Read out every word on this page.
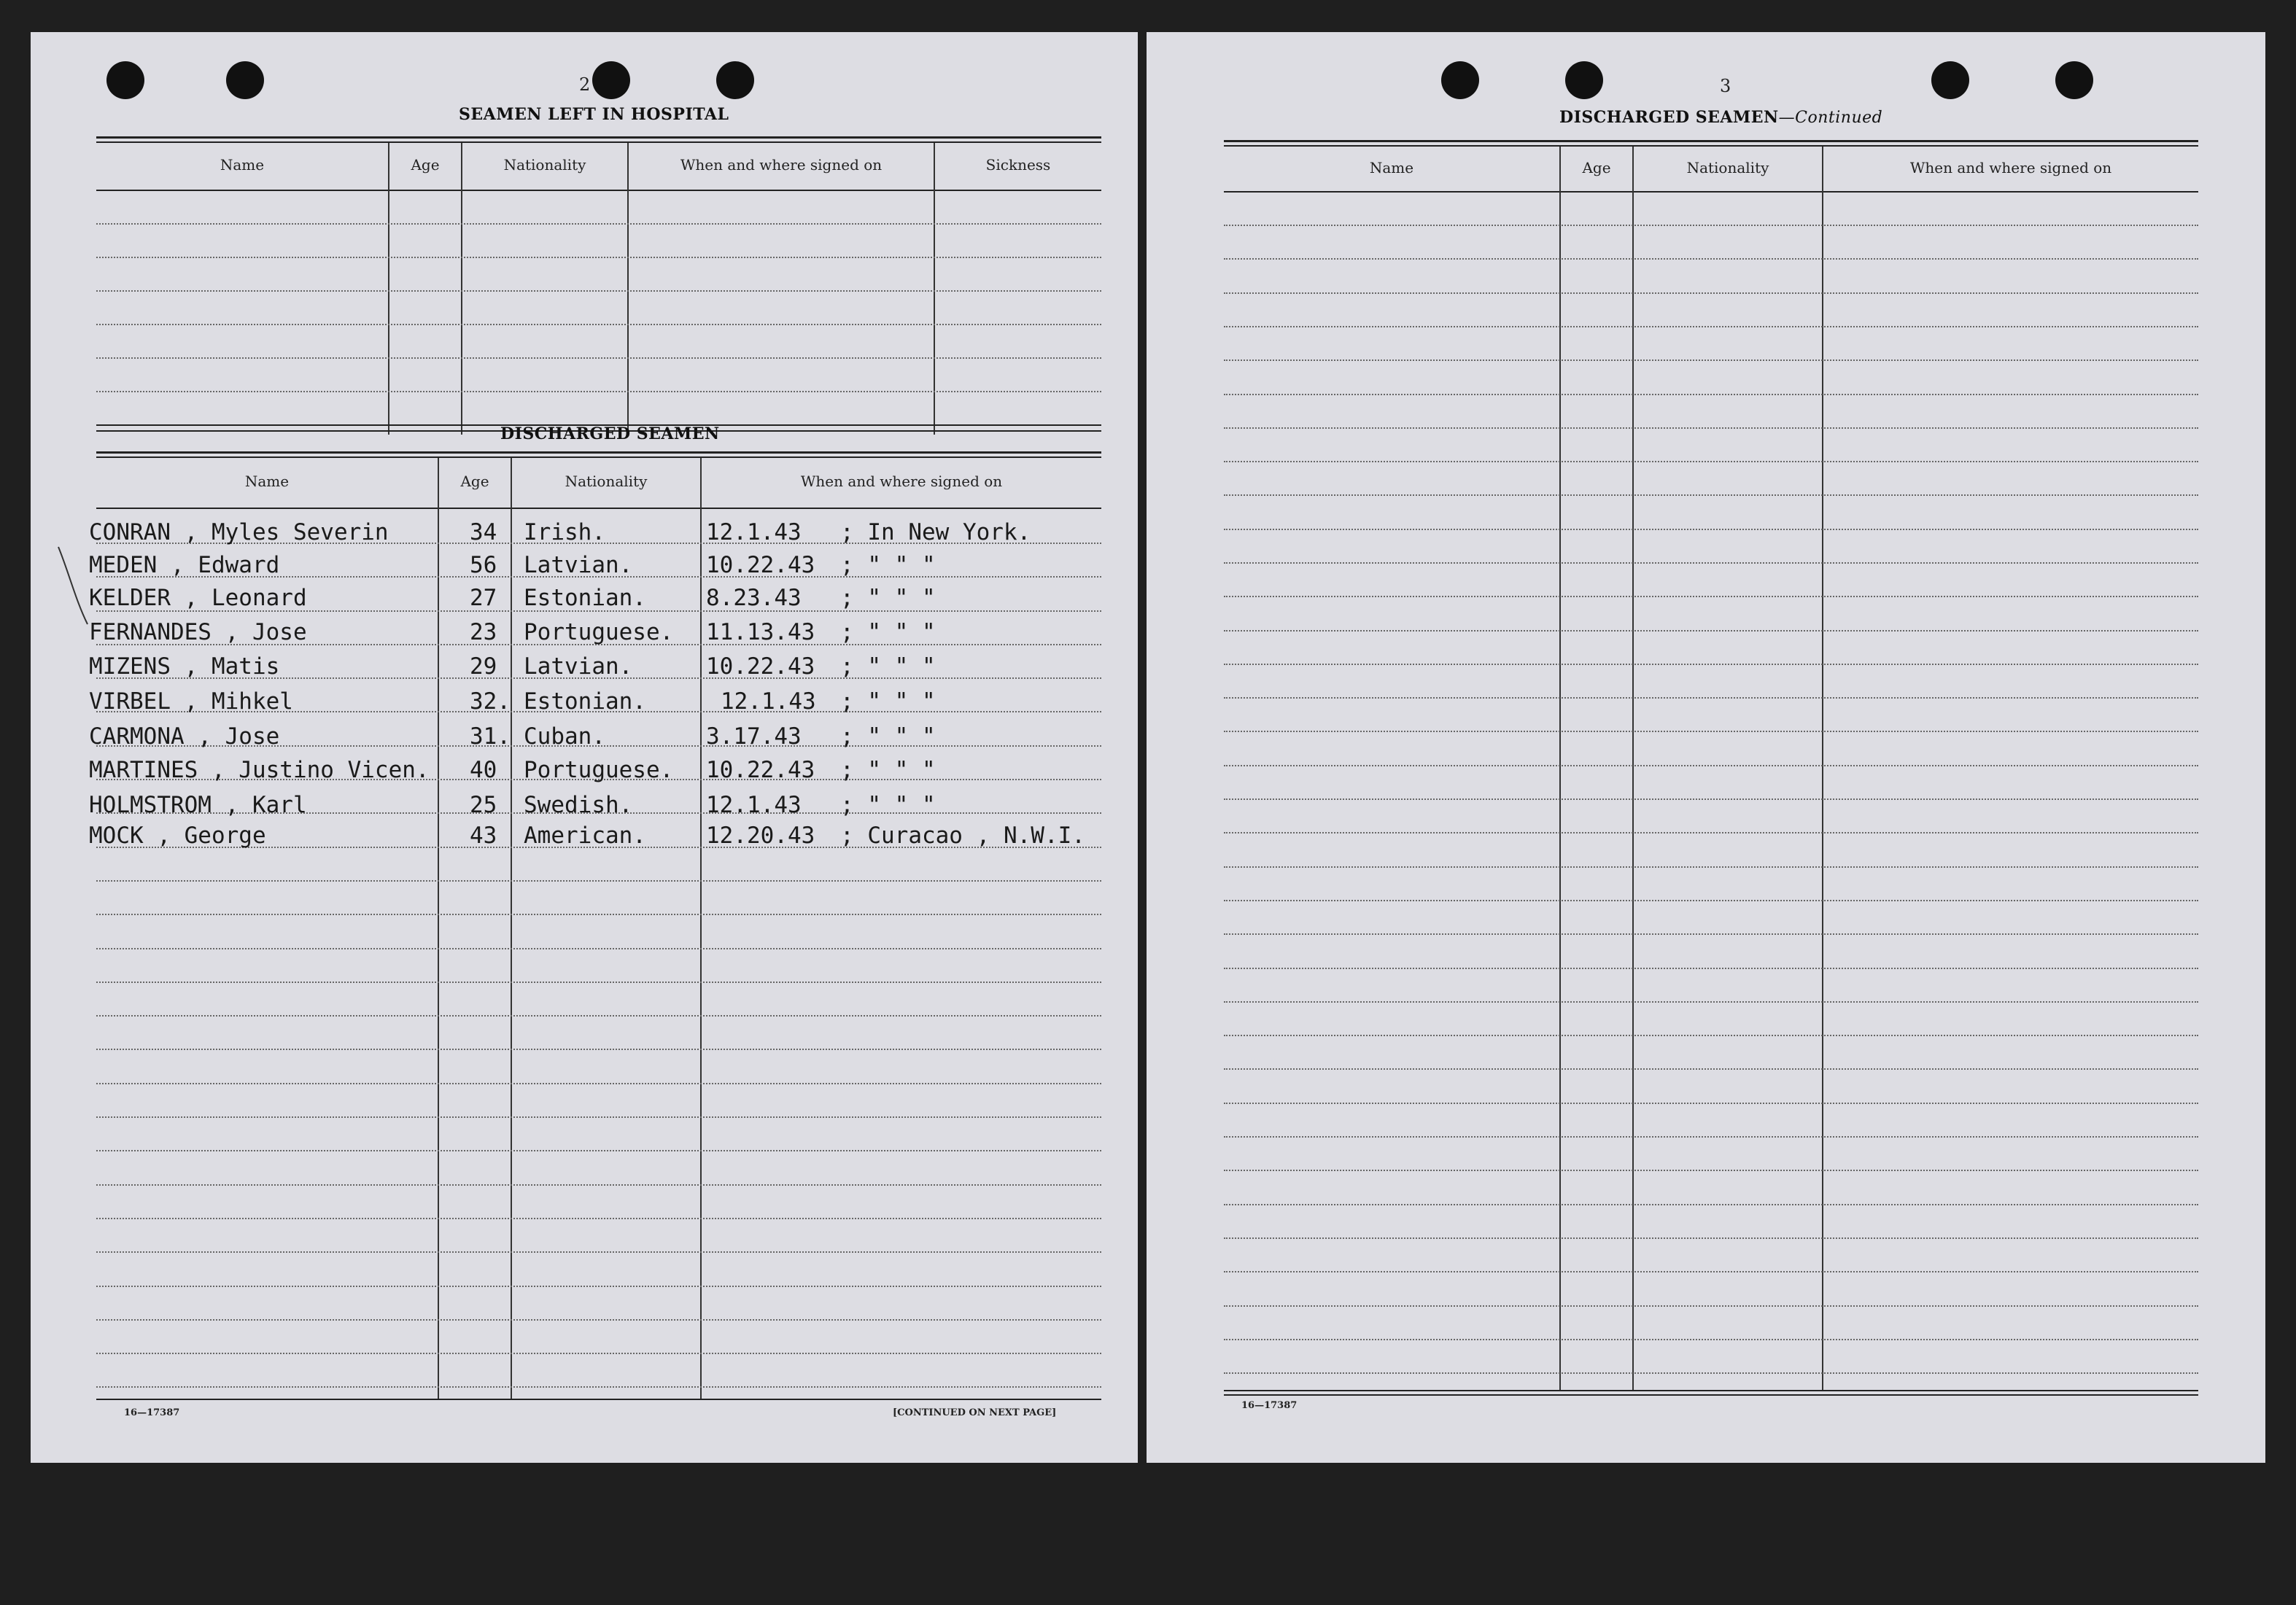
2
SEAMEN LEFT IN HOSPITAL
Name	Age	Nationality	When and where signed on	Sickness
DISCHARGED SEAMEN
Name	Age	Nationality	When and where signed on
CONRAN , Myles Severin	34 Irish.	12.1.43 ; In New York.
MEDEN , Edward	56 Latvian.	10.22.43 ; " " "
KELDER , Leonard	27 Estonian.	8.23.43 ; " " "
FERNANDES , Jose	23 Portuguese. 11.13.43 ; " " "
MIZENS , Matis	29 Latvian.	10.22.43 ; " " "
VIRBEL , Mihkel	32. Estonian.	12.1.43 ; " " "
CARMONA , Jose	31. Cuban.	3.17.43 ; " " "
MARTINES , Justino Vicen. 40 Portuguese. 10.22.43 ; " " "
HOLMSTROM , Karl	25 Swedish.	12.1.43 ; " " "
MOCK , George	43 American.	12.20.43 ; Curacao , N.W.I.
16—17387	[CONTINUED ON NEXT PAGE]
3
DISCHARGED SEAMEN—Continued
Name	Age	Nationality	When and where signed on
16—17387
